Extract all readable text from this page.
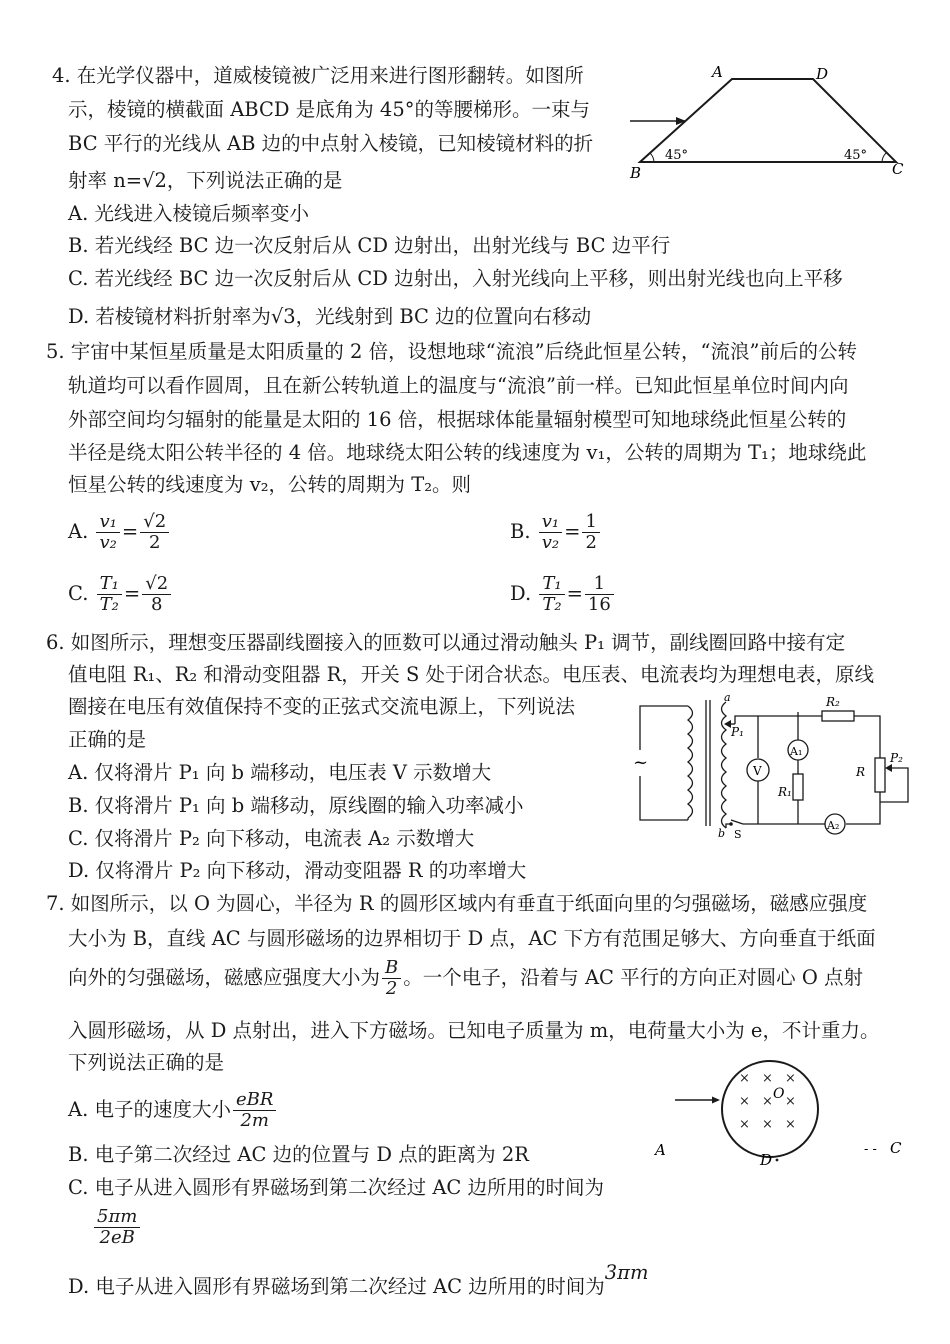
4. 在光学仪器中，道威棱镜被广泛用来进行图形翻转。如图所
示，棱镜的横截面 ABCD 是底角为 45°的等腰梯形。一束与
BC 平行的光线从 AB 边的中点射入棱镜，已知棱镜材料的折
射率 n=√2，下列说法正确的是
A. 光线进入棱镜后频率变小
B. 若光线经 BC 边一次反射后从 CD 边射出，出射光线与 BC 边平行
C. 若光线经 BC 边一次反射后从 CD 边射出，入射光线向上平移，则出射光线也向上平移
D. 若棱镜材料折射率为√3，光线射到 BC 边的位置向右移动
A	D
B	C
45°	45°
5. 宇宙中某恒星质量是太阳质量的 2 倍，设想地球“流浪”后绕此恒星公转，“流浪”前后的公转
轨道均可以看作圆周，且在新公转轨道上的温度与“流浪”前一样。已知此恒星单位时间内向
外部空间均匀辐射的能量是太阳的 16 倍，根据球体能量辐射模型可知地球绕此恒星公转的
半径是绕太阳公转半径的 4 倍。地球绕太阳公转的线速度为 v₁，公转的周期为 T₁；地球绕此
恒星公转的线速度为 v₂，公转的周期为 T₂。则
A. $\frac{\text{v₁}}{\text{v₂}} = \frac{√2}{2}$	B. $\frac{\text{v₁}}{\text{v₂}} = \frac{1}{2}$
C. $\frac{\text{T₁}}{\text{T₂}} = \frac{√2}{8}$	D. $\frac{\text{T₁}}{\text{T₂}} = \frac{1}{16}$
6. 如图所示，理想变压器副线圈接入的匝数可以通过滑动触头 P₁ 调节，副线圈回路中接有定
值电阻 R₁、R₂ 和滑动变阻器 R，开关 S 处于闭合状态。电压表、电流表均为理想电表，原线
圈接在电压有效值保持不变的正弦式交流电源上，下列说法
正确的是
A. 仅将滑片 P₁ 向 b 端移动，电压表 V 示数增大
B. 仅将滑片 P₁ 向 b 端移动，原线圈的输入功率减小
C. 仅将滑片 P₂ 向下移动，电流表 A₂ 示数增大
D. 仅将滑片 P₂ 向下移动，滑动变阻器 R 的功率增大
~
a
b
P₁
R₂
R
P₂
A₂
S
V
A₁
R₁
7. 如图所示，以 O 为圆心，半径为 R 的圆形区域内有垂直于纸面向里的匀强磁场，磁感应强度
大小为 B，直线 AC 与圆形磁场的边界相切于 D 点，AC 下方有范围足够大、方向垂直于纸面
向外的匀强磁场，磁感应强度大小为 $\frac{B}{2}$ 。一个电子，沿着与 AC 平行的方向正对圆心 O 点射
入圆形磁场，从 D 点射出，进入下方磁场。已知电子质量为 m，电荷量大小为 e，不计重力。
下列说法正确的是
A. 电子的速度大小 $\frac{\text{eBR}}{2m}$
B. 电子第二次经过 AC 边的位置与 D 点的距离为 2R
C. 电子从进入圆形有界磁场到第二次经过 AC 边所用的时间为
$\frac{5\pi m}{2eB}$
D. 电子从进入圆形有界磁场到第二次经过 AC 边所用的时间为3πm
× × ×
× × ×
× × ×
O
A
D
- - C
